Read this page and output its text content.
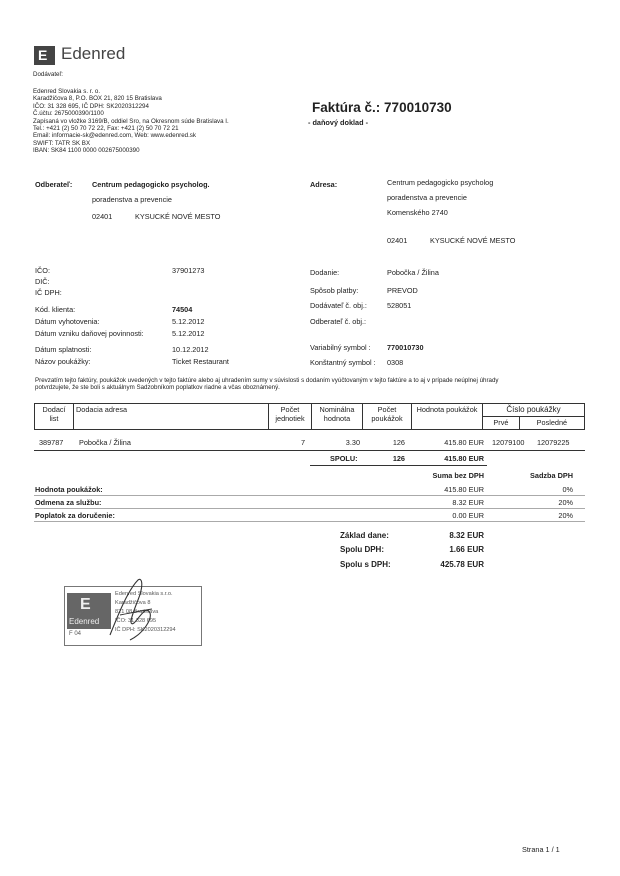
E Edenred
Dodávateľ:
Edenred Slovakia s. r. o.
Karadžičova 8, P.O. BOX 21, 820 15 Bratislava
IČO: 31 328 695, IČ DPH: SK2020312294
Č.účtu: 2675000390/1100
Zapísaná vo vložke 3169/B, oddiel Sro, na Okresnom súde Bratislava I.
Tel.: +421 (2) 50 70 72 22, Fax: +421 (2) 50 70 72 21
Email: informacie-sk@edenred.com, Web: www.edenred.sk
SWIFT: TATR SK BX
IBAN: SK84 1100 0000 002675000390
Faktúra č.: 770010730
- daňový doklad -
Odberateľ:	Centrum pedagogicko psycholog.
poradenstva a prevencie
02401	KYSUCKÉ NOVÉ MESTO
Adresa:	Centrum pedagogicko psycholog
poradenstva a prevencie
Komenského 2740
02401	KYSUCKÉ NOVÉ MESTO
IČO:	37901273
DIČ:
IČ DPH:
Kód. klienta:	74504
Dátum vyhotovenia:	5.12.2012
Dátum vzniku daňovej povinnosti:	5.12.2012
Dátum splatnosti:	10.12.2012
Názov poukážky:	Ticket Restaurant
Dodanie:	Pobočka / Žilina
Spôsob platby:	PREVOD
Dodávateľ č. obj.:	528051
Odberateľ č. obj.:
Variabilný symbol : 770010730
Konštantný symbol : 0308
Prevzatím tejto faktúry, poukážok uvedených v tejto faktúre alebo aj uhradením sumy v súvislosti s dodaním vyúčtovaným v tejto faktúre a to aj v prípade neúplnej úhrady
potvrdzujete, že ste boli s aktuálnym Sadzobníkom poplatkov riadne a včas oboznámený.
Dodací list	Dodacia adresa	Počet jednotiek	Nominálna hodnota	Počet poukážok	Hodnota poukážok	Číslo poukážky	
						Prvé	Posledné
389787 Pobočka / Žilina	7	3.30	126	415.80 EUR 12079100 12079225
SPOLU:	126	415.80 EUR
Suma bez DPH	Sadzba DPH
Hodnota poukážok:	415.80 EUR	0%
Odmena za službu:	8.32 EUR	20%
Poplatok za doručenie:	0.00 EUR	20%
Základ dane:	8.32 EUR
Spolu DPH:	1.66 EUR
Spolu s DPH:	425.78 EUR
E
Edenred
F 04
Edenred Slovakia s.r.o.
Karadžičova 8
821 08 Bratislava
IČO: 31 328 695
IČ DPH: SK2020312294
Strana 1 / 1
